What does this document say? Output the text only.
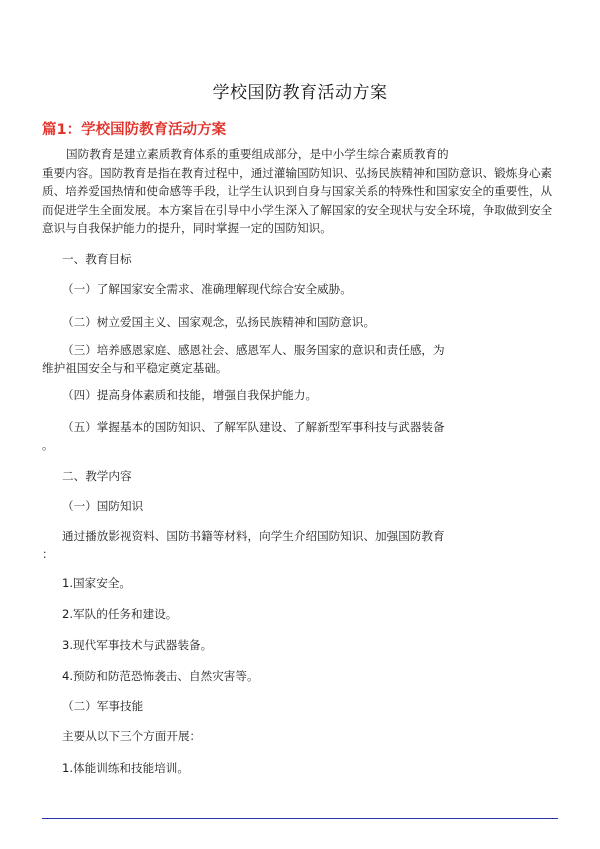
学校国防教育活动方案
篇1：学校国防教育活动方案
国防教育是建立素质教育体系的重要组成部分，是中小学生综合素质教育的
重要内容。国防教育是指在教育过程中，通过灌输国防知识、弘扬民族精神和国防意识、锻炼身心素质、培养爱国热情和使命感等手段，让学生认识到自身与国家关系的特殊性和国家安全的重要性，从而促进学生全面发展。本方案旨在引导中小学生深入了解国家的安全现状与安全环境，争取做到安全意识与自我保护能力的提升，同时掌握一定的国防知识。
一、教育目标
（一）了解国家安全需求、准确理解现代综合安全威胁。
（二）树立爱国主义、国家观念，弘扬民族精神和国防意识。
（三）培养感恩家庭、感恩社会、感恩军人、服务国家的意识和责任感，为
维护祖国安全与和平稳定奠定基础。
（四）提高身体素质和技能，增强自我保护能力。
（五）掌握基本的国防知识、了解军队建设、了解新型军事科技与武器装备
。
二、教学内容
（一）国防知识
通过播放影视资料、国防书籍等材料，向学生介绍国防知识、加强国防教育
：
1.国家安全。
2.军队的任务和建设。
3.现代军事技术与武器装备。
4.预防和防范恐怖袭击、自然灾害等。
（二）军事技能
主要从以下三个方面开展：
1.体能训练和技能培训。
